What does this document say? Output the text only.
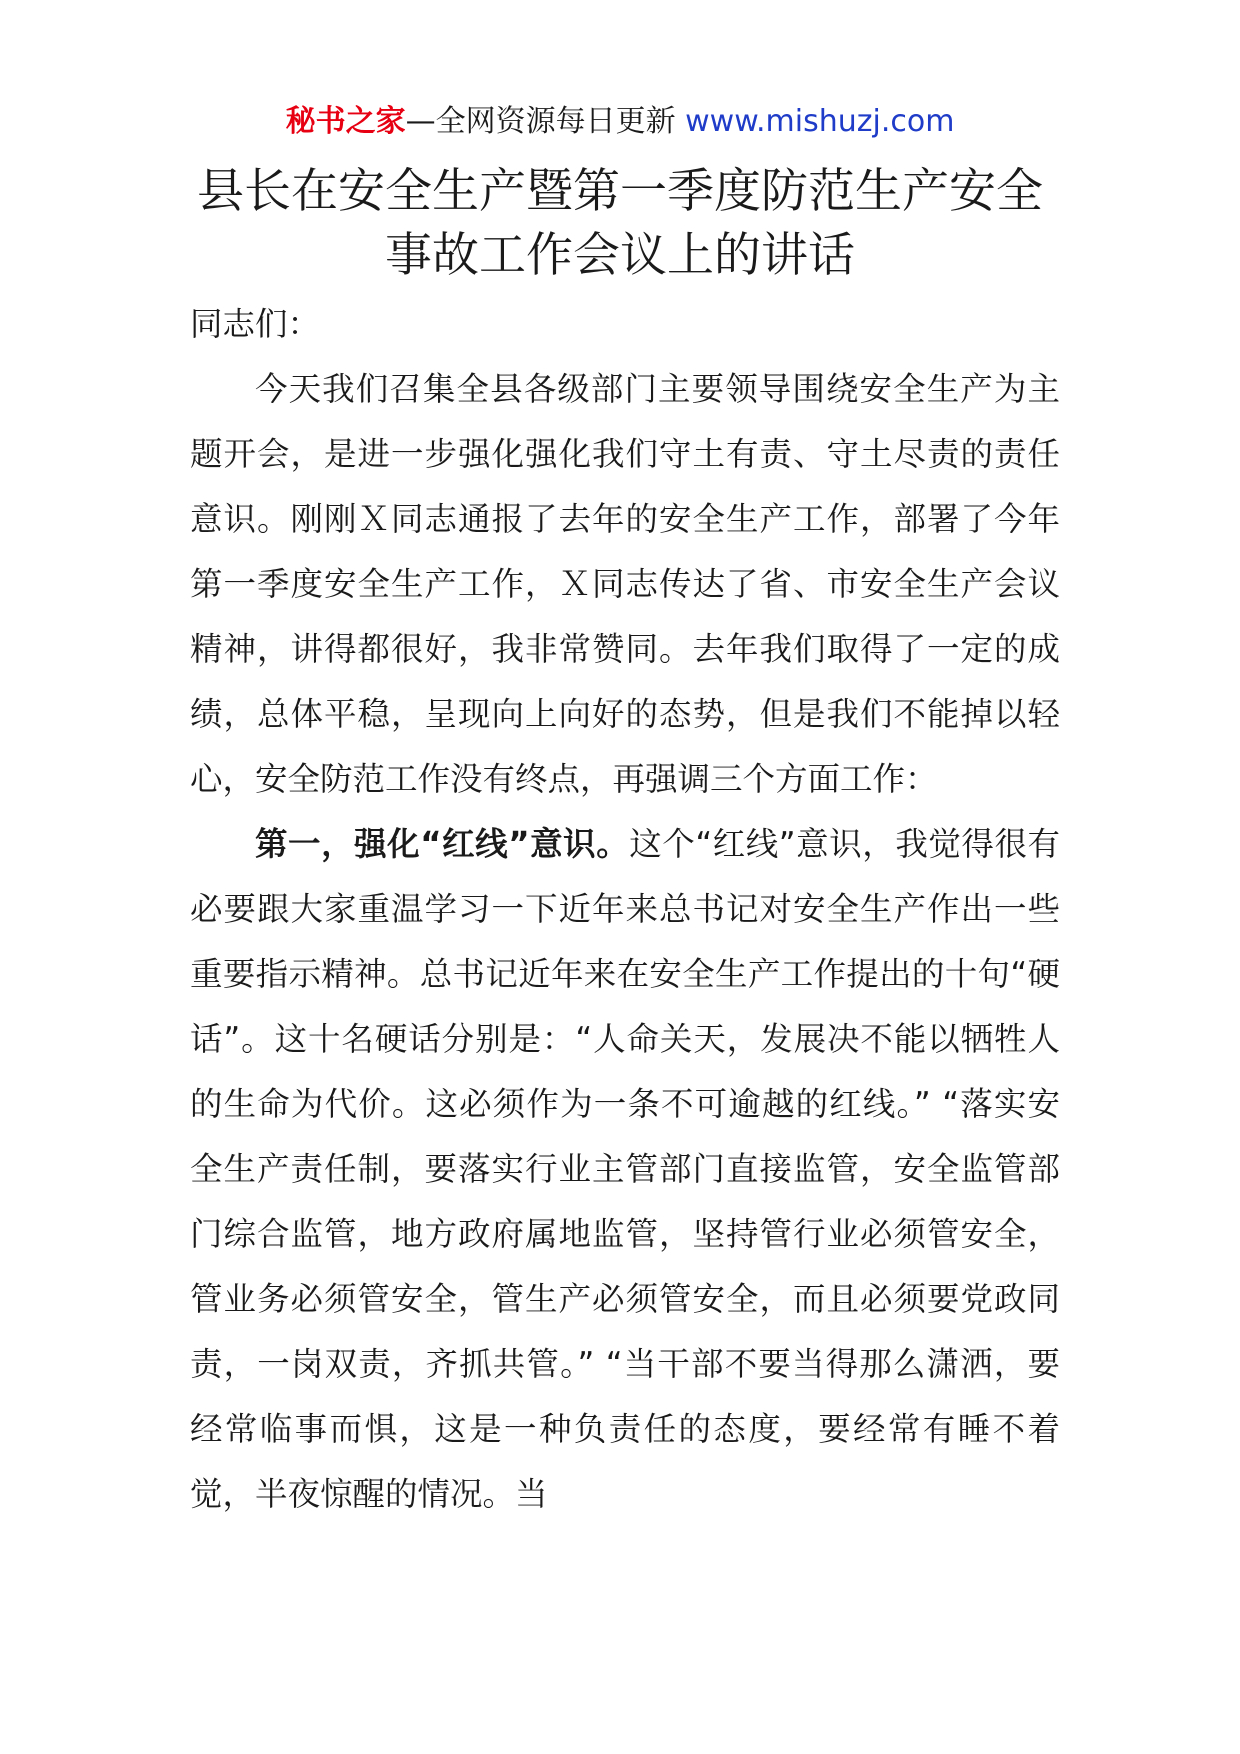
秘书之家—全网资源每日更新 www.mishuzj.com
县长在安全生产暨第一季度防范生产安全
事故工作会议上的讲话

同志们：

今天我们召集全县各级部门主要领导围绕安全生产为主题开会，是进一步强化强化我们守土有责、守土尽责的责任意识。刚刚Ｘ同志通报了去年的安全生产工作，部署了今年第一季度安全生产工作，Ｘ同志传达了省、市安全生产会议精神，讲得都很好，我非常赞同。去年我们取得了一定的成绩，总体平稳，呈现向上向好的态势，但是我们不能掉以轻心，安全防范工作没有终点，再强调三个方面工作：

第一，强化“红线”意识。这个“红线”意识，我觉得很有必要跟大家重温学习一下近年来总书记对安全生产作出一些重要指示精神。总书记近年来在安全生产工作提出的十句“硬话”。这十名硬话分别是：“人命关天，发展决不能以牺牲人的生命为代价。这必须作为一条不可逾越的红线。” “落实安全生产责任制，要落实行业主管部门直接监管，安全监管部门综合监管，地方政府属地监管，坚持管行业必须管安全，管业务必须管安全，管生产必须管安全，而且必须要党政同责，一岗双责，齐抓共管。” “当干部不要当得那么潇洒，要经常临事而惧，这是一种负责任的态度，要经常有睡不着觉，半夜惊醒的情况。当
